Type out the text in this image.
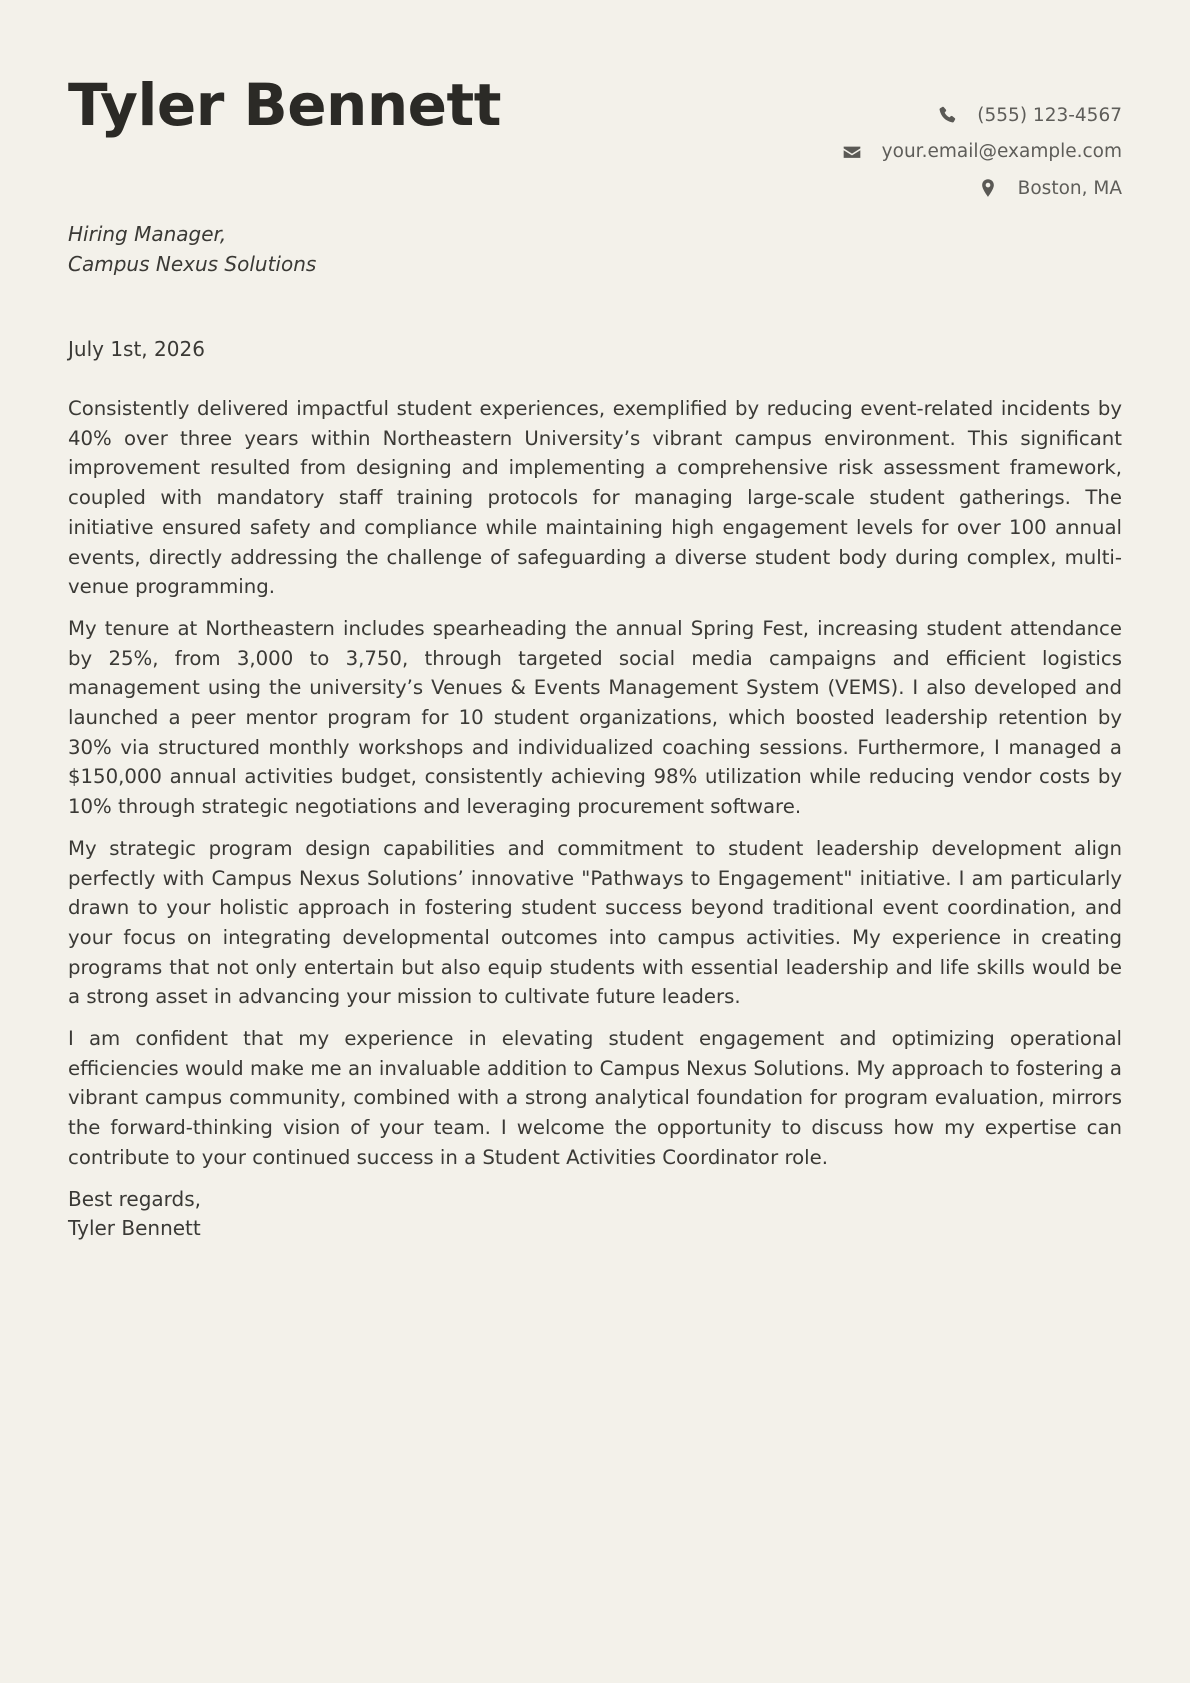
Tyler Bennett	(555) 123-4567
your.email@example.com
Boston, MA
Hiring Manager,
Campus Nexus Solutions
July 1st, 2026

Consistently delivered impactful student experiences, exemplified by reducing event-related incidents by 40% over three years within Northeastern University’s vibrant campus environment. This significant improvement resulted from designing and implementing a comprehensive risk assessment framework, coupled with mandatory staff training protocols for managing large-scale student gatherings. The initiative ensured safety and compliance while maintaining high engagement levels for over 100 annual events, directly addressing the challenge of safeguarding a diverse student body during complex, multi-venue programming.

My tenure at Northeastern includes spearheading the annual Spring Fest, increasing student attendance by 25%, from 3,000 to 3,750, through targeted social media campaigns and efficient logistics management using the university’s Venues & Events Management System (VEMS). I also developed and launched a peer mentor program for 10 student organizations, which boosted leadership retention by 30% via structured monthly workshops and individualized coaching sessions. Furthermore, I managed a $150,000 annual activities budget, consistently achieving 98% utilization while reducing vendor costs by 10% through strategic negotiations and leveraging procurement software.

My strategic program design capabilities and commitment to student leadership development align perfectly with Campus Nexus Solutions’ innovative "Pathways to Engagement" initiative. I am particularly drawn to your holistic approach in fostering student success beyond traditional event coordination, and your focus on integrating developmental outcomes into campus activities. My experience in creating programs that not only entertain but also equip students with essential leadership and life skills would be a strong asset in advancing your mission to cultivate future leaders.

I am confident that my experience in elevating student engagement and optimizing operational efficiencies would make me an invaluable addition to Campus Nexus Solutions. My approach to fostering a vibrant campus community, combined with a strong analytical foundation for program evaluation, mirrors the forward-thinking vision of your team. I welcome the opportunity to discuss how my expertise can contribute to your continued success in a Student Activities Coordinator role.

Best regards,
Tyler Bennett
